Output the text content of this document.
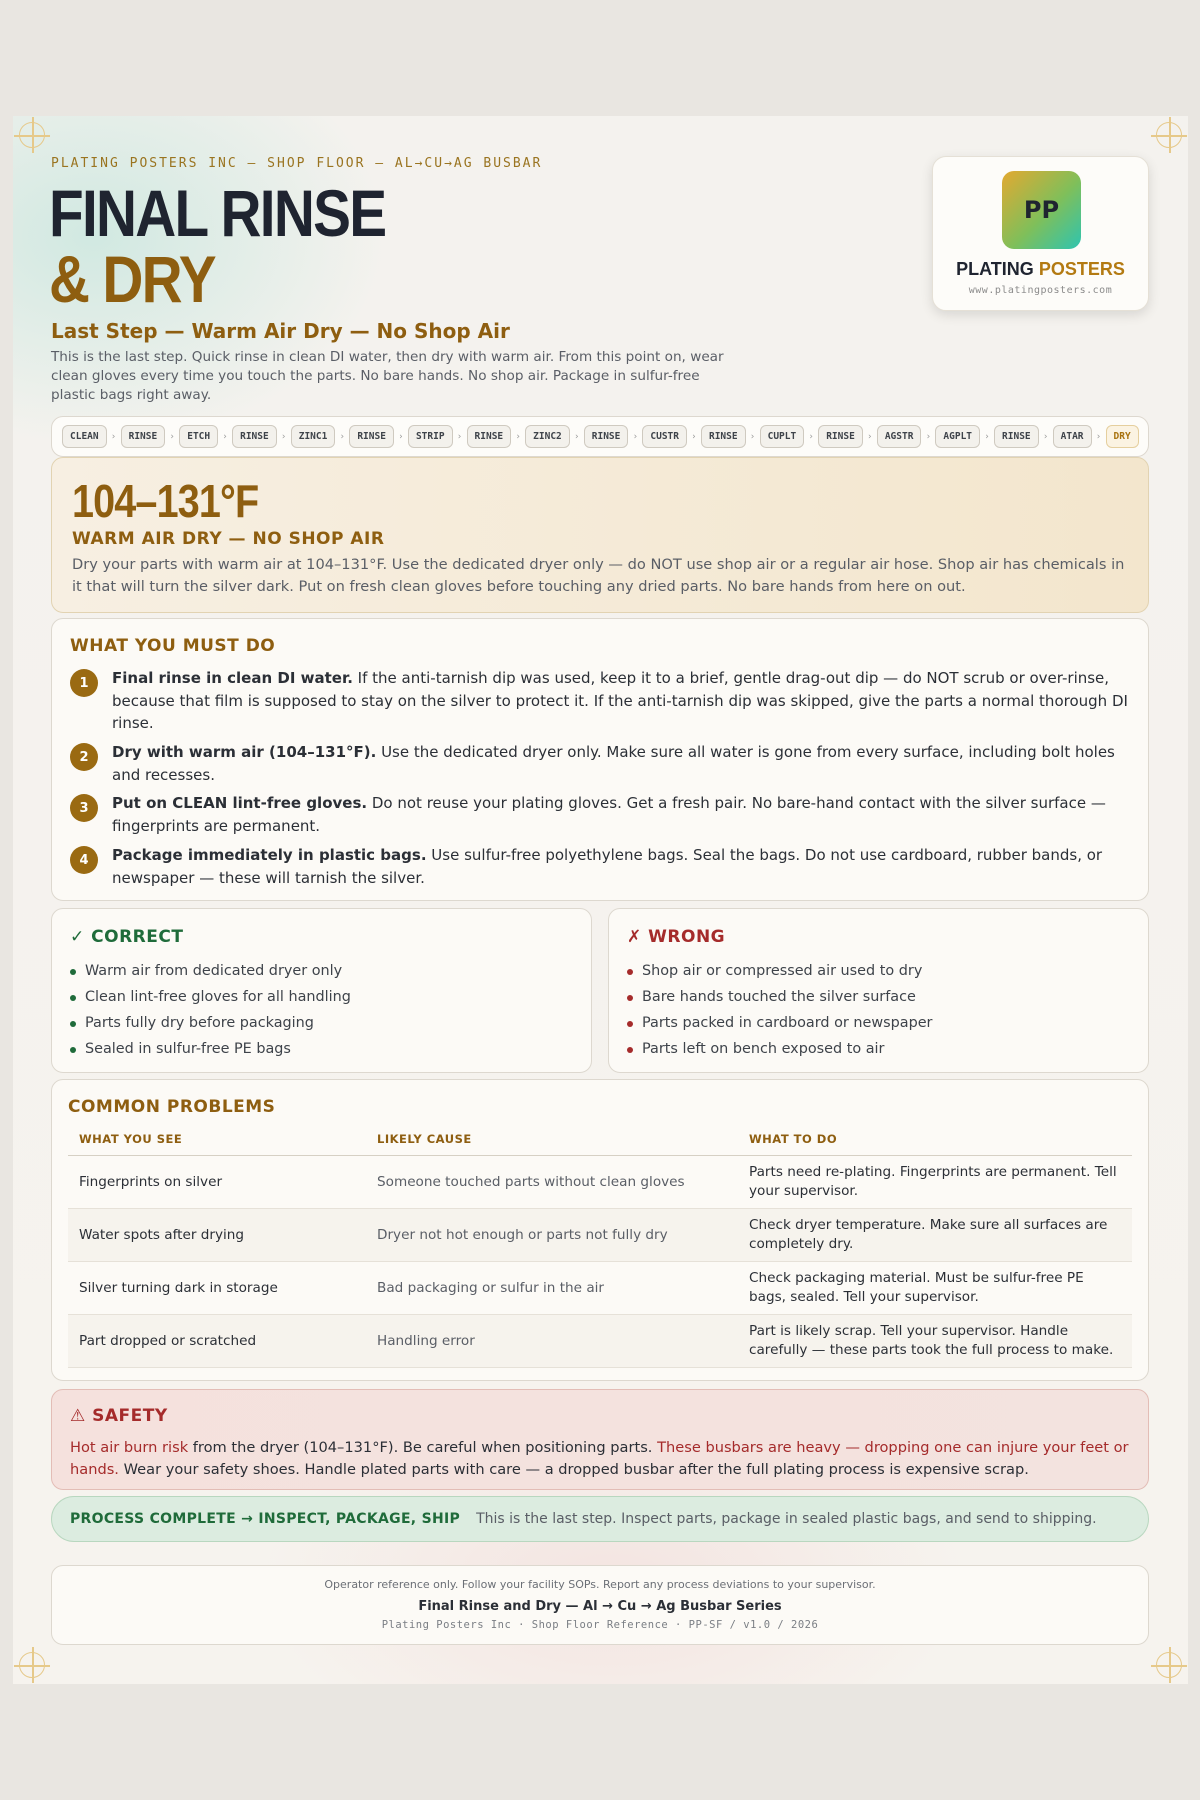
PLATING POSTERS INC — SHOP FLOOR — AL→CU→AG BUSBAR
FINAL RINSE
& DRY
Last Step — Warm Air Dry — No Shop Air
This is the last step. Quick rinse in clean DI water, then dry with warm air. From this point on, wear clean gloves every time you touch the parts. No bare hands. No shop air. Package in sulfur-free plastic bags right away.
PP
PLATING POSTERS
www.platingposters.com
CLEAN	›	RINSE	›	ETCH	›	RINSE	›	ZINC1	›	RINSE	›	STRIP	›	RINSE	›	ZINC2	›	RINSE	›	CUSTR	›	RINSE	›	CUPLT	›	RINSE	›	AGSTR	›	AGPLT	›	RINSE	›	ATAR	›	DRY
104–131°F
WARM AIR DRY — NO SHOP AIR
Dry your parts with warm air at 104–131°F. Use the dedicated dryer only — do NOT use shop air or a regular air hose. Shop air has chemicals in it that will turn the silver dark. Put on fresh clean gloves before touching any dried parts. No bare hands from here on out.
WHAT YOU MUST DO
1	Final rinse in clean DI water. If the anti-tarnish dip was used, keep it to a brief, gentle drag-out dip — do NOT scrub or over-rinse, because that film is supposed to stay on the silver to protect it. If the anti-tarnish dip was skipped, give the parts a normal thorough DI rinse.
2	Dry with warm air (104–131°F). Use the dedicated dryer only. Make sure all water is gone from every surface, including bolt holes and recesses.
3	Put on CLEAN lint-free gloves. Do not reuse your plating gloves. Get a fresh pair. No bare-hand contact with the silver surface — fingerprints are permanent.
4	Package immediately in plastic bags. Use sulfur-free polyethylene bags. Seal the bags. Do not use cardboard, rubber bands, or newspaper — these will tarnish the silver.
✓ CORRECT
Warm air from dedicated dryer only
Clean lint-free gloves for all handling
Parts fully dry before packaging
Sealed in sulfur-free PE bags
✗ WRONG
Shop air or compressed air used to dry
Bare hands touched the silver surface
Parts packed in cardboard or newspaper
Parts left on bench exposed to air
COMMON PROBLEMS
WHAT YOU SEE	LIKELY CAUSE	WHAT TO DO
Fingerprints on silver	Someone touched parts without clean gloves	Parts need re-plating. Fingerprints are permanent. Tell your supervisor.
Water spots after drying	Dryer not hot enough or parts not fully dry	Check dryer temperature. Make sure all surfaces are completely dry.
Silver turning dark in storage	Bad packaging or sulfur in the air	Check packaging material. Must be sulfur-free PE bags, sealed. Tell your supervisor.
Part dropped or scratched	Handling error	Part is likely scrap. Tell your supervisor. Handle carefully — these parts took the full process to make.
⚠ SAFETY
Hot air burn risk from the dryer (104–131°F). Be careful when positioning parts. These busbars are heavy — dropping one can injure your feet or hands. Wear your safety shoes. Handle plated parts with care — a dropped busbar after the full plating process is expensive scrap.
PROCESS COMPLETE → INSPECT, PACKAGE, SHIP This is the last step. Inspect parts, package in sealed plastic bags, and send to shipping.
Operator reference only. Follow your facility SOPs. Report any process deviations to your supervisor.
Final Rinse and Dry — Al → Cu → Ag Busbar Series
Plating Posters Inc · Shop Floor Reference · PP-SF / v1.0 / 2026
